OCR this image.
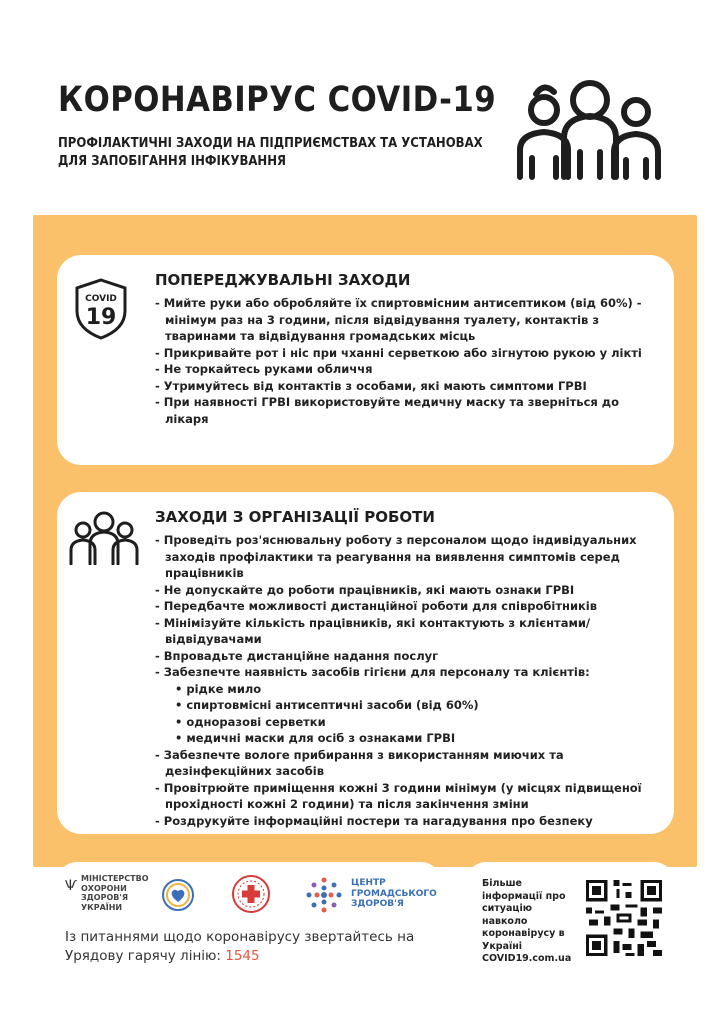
КОРОНАВІРУС COVID-19
ПРОФІЛАКТИЧНІ ЗАХОДИ НА ПІДПРИЄМСТВАХ ТА УСТАНОВАХ
ДЛЯ ЗАПОБІГАННЯ ІНФІКУВАННЯ
COVID
19
ПОПЕРЕДЖУВАЛЬНІ ЗАХОДИ
- Мийте руки або обробляйте їх спиртовмісним антисептиком (від 60%) - мінімум раз на 3 години, після відвідування туалету, контактів з тваринами та відвідування громадських місць
- Прикривайте рот і ніс при чханні серветкою або зігнутою рукою у лікті
- Не торкайтесь руками обличчя
- Утримуйтесь від контактів з особами, які мають симптоми ГРВІ
- При наявності ГРВІ використовуйте медичну маску та зверніться до лікаря
ЗАХОДИ З ОРГАНІЗАЦІЇ РОБОТИ
- Проведіть роз'яснювальну роботу з персоналом щодо індивідуальних заходів профілактики та реагування на виявлення симптомів серед працівників
- Не допускайте до роботи працівників, які мають ознаки ГРВІ
- Передбачте можливості дистанційної роботи для співробітників
- Мінімізуйте кількість працівників, які контактують з клієнтами/відвідувачами
- Впровадьте дистанційне надання послуг
- Забезпечте наявність засобів гігієни для персоналу та клієнтів:
• рідке мило
• спиртовмісні антисептичні засоби (від 60%)
• одноразові серветки
• медичні маски для осіб з ознаками ГРВІ
- Забезпечте вологе прибирання з використанням миючих та дезінфекційних засобів
- Провітрюйте приміщення кожні 3 години мінімум (у місцях підвищеної прохідності кожні 2 години) та після закінчення зміни
- Роздрукуйте інформаційні постери та нагадування про безпеку
Ѱ МІНІСТЕРСТВО
ОХОРОНИ
ЗДОРОВ'Я
УКРАЇНИ
ЦЕНТР
ГРОМАДСЬКОГО
ЗДОРОВ'Я
Із питаннями щодо коронавірусу звертайтесь на Урядову гарячу лінію: 1545
Більше інформації про ситуацію навколо коронавірусу в Україні COVID19.com.ua
